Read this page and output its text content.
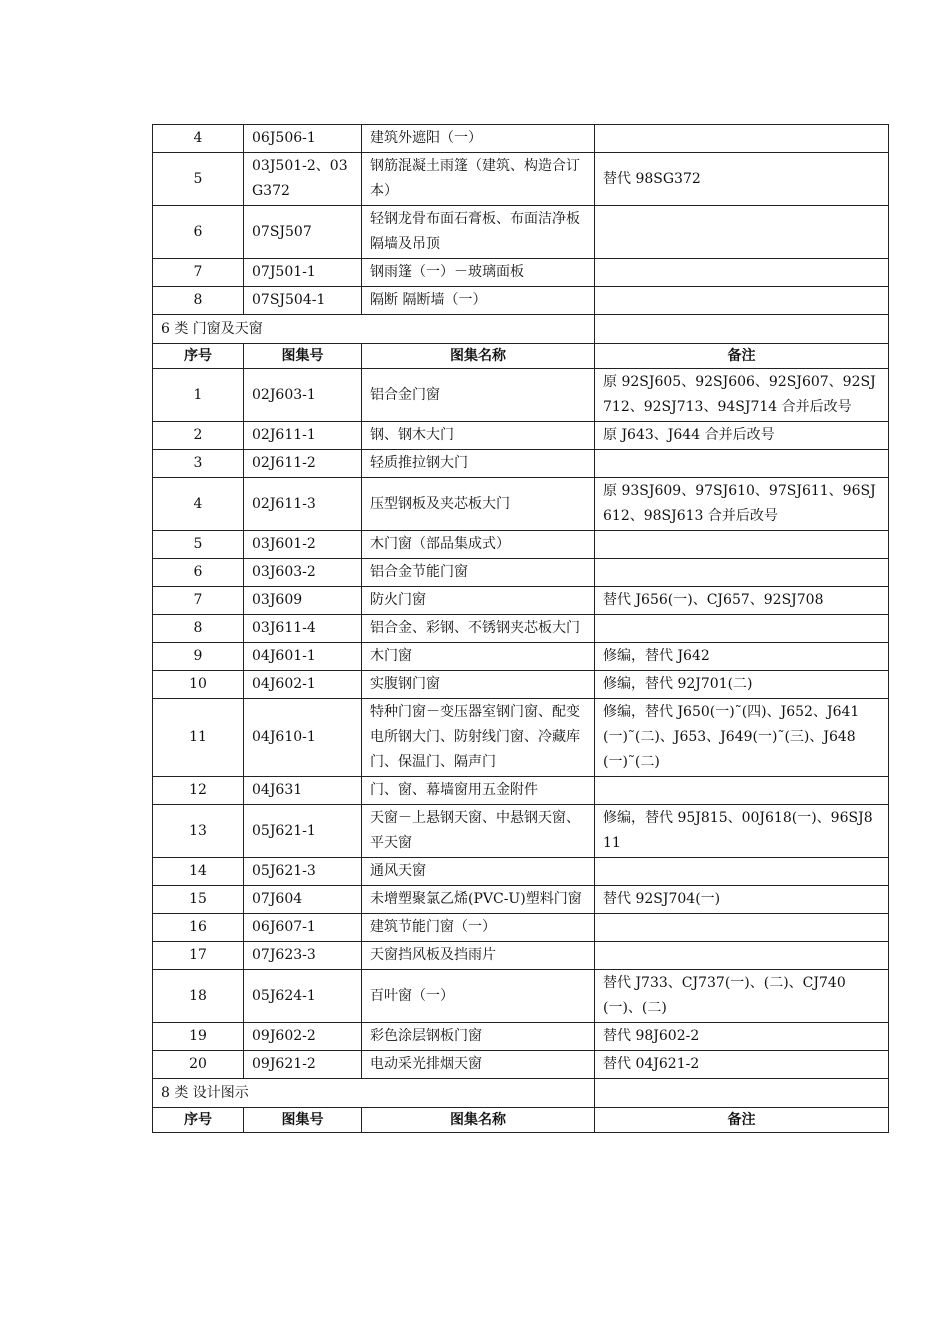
4	06J506-1	建筑外遮阳（一）	
5	03J501-2、03G372	钢筋混凝土雨篷（建筑、构造合订本）	替代 98SG372
6	07SJ507	轻钢龙骨布面石膏板、布面洁净板隔墙及吊顶	
7	07J501-1	钢雨篷（一）－玻璃面板	
8	07SJ504-1	隔断 隔断墙（一）	
6 类 门窗及天窗			
序号	图集号	图集名称	备注
1	02J603-1	铝合金门窗	原 92SJ605、92SJ606、92SJ607、92SJ712、92SJ713、94SJ714 合并后改号
2	02J611-1	钢、钢木大门	原 J643、J644 合并后改号
3	02J611-2	轻质推拉钢大门	
4	02J611-3	压型钢板及夹芯板大门	原 93SJ609、97SJ610、97SJ611、96SJ612、98SJ613 合并后改号
5	03J601-2	木门窗（部品集成式）	
6	03J603-2	铝合金节能门窗	
7	03J609	防火门窗	替代 J656(一)、CJ657、92SJ708
8	03J611-4	铝合金、彩钢、不锈钢夹芯板大门	
9	04J601-1	木门窗	修编，替代 J642
10	04J602-1	实腹钢门窗	修编，替代 92J701(二)
11	04J610-1	特种门窗－变压器室钢门窗、配变电所钢大门、防射线门窗、冷藏库门、保温门、隔声门	修编，替代 J650(一)˜(四)、J652、J641(一)˜(二)、J653、J649(一)˜(三)、J648(一)˜(二)
12	04J631	门、窗、幕墙窗用五金附件	
13	05J621-1	天窗－上悬钢天窗、中悬钢天窗、平天窗	修编，替代 95J815、00J618(一)、96SJ811
14	05J621-3	通风天窗	
15	07J604	未增塑聚氯乙烯(PVC-U)塑料门窗	替代 92SJ704(一)
16	06J607-1	建筑节能门窗（一）	
17	07J623-3	天窗挡风板及挡雨片	
18	05J624-1	百叶窗（一）	替代 J733、CJ737(一)、(二)、CJ740(一)、(二)
19	09J602-2	彩色涂层钢板门窗	替代 98J602-2
20	09J621-2	电动采光排烟天窗	替代 04J621-2
8 类 设计图示			
序号	图集号	图集名称	备注
